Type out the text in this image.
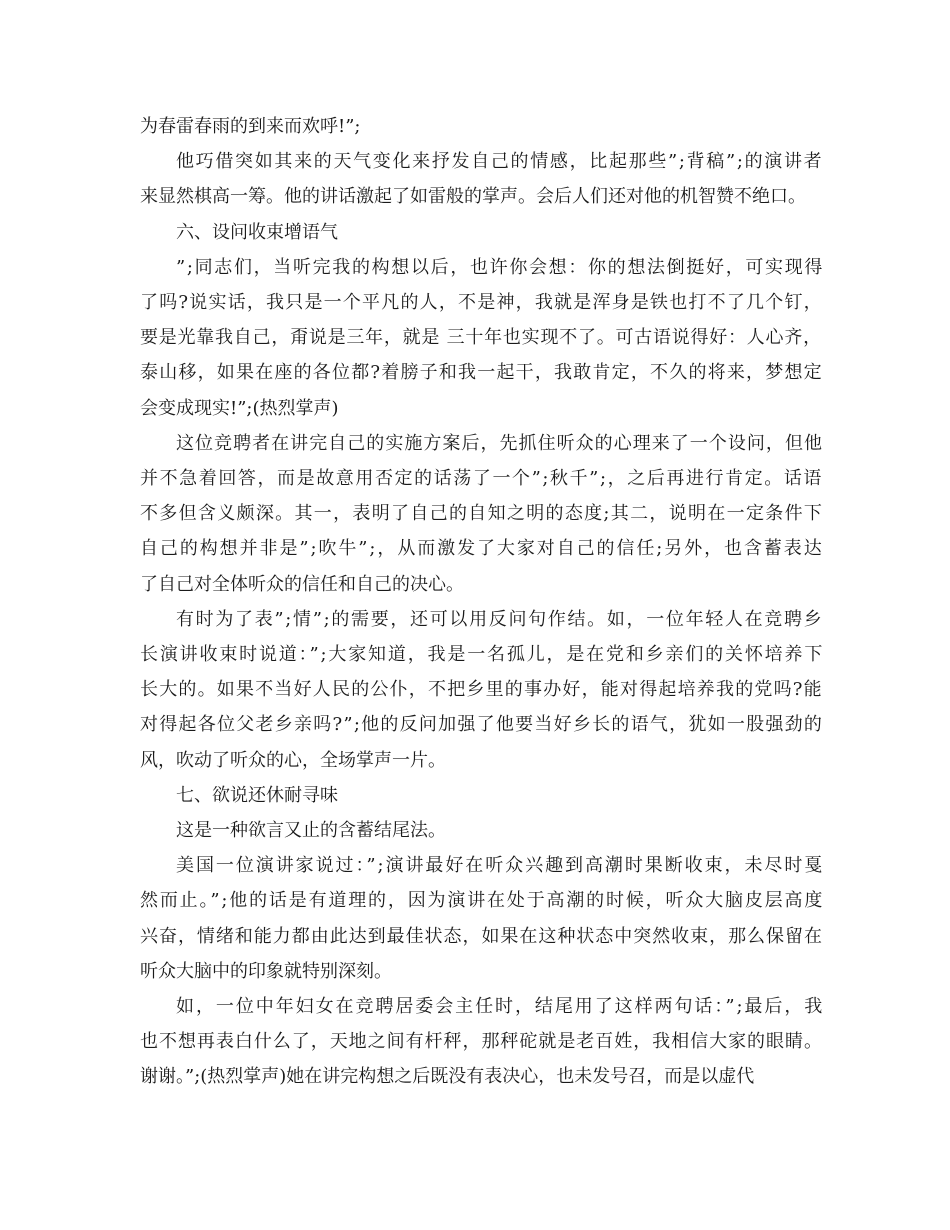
为春雷春雨的到来而欢呼!”;
他巧借突如其来的天气变化来抒发自己的情感，比起那些”;背稿”;的演讲者
来显然棋高一筹。他的讲话激起了如雷般的掌声。会后人们还对他的机智赞不绝口。
六、设问收束增语气
”;同志们，当听完我的构想以后，也许你会想：你的想法倒挺好，可实现得
了吗?说实话，我只是一个平凡的人，不是神，我就是浑身是铁也打不了几个钉，
要是光靠我自己，甭说是三年，就是 三十年也实现不了。可古语说得好：人心齐，
泰山移，如果在座的各位都?着膀子和我一起干，我敢肯定，不久的将来，梦想定
会变成现实!”;(热烈掌声)
这位竞聘者在讲完自己的实施方案后，先抓住听众的心理来了一个设问，但他
并不急着回答，而是故意用否定的话荡了一个”;秋千”;，之后再进行肯定。话语
不多但含义颇深。其一，表明了自己的自知之明的态度;其二，说明在一定条件下
自己的构想并非是”;吹牛”;，从而激发了大家对自己的信任;另外，也含蓄表达
了自己对全体听众的信任和自己的决心。
有时为了表”;情”;的需要，还可以用反问句作结。如，一位年轻人在竞聘乡
长演讲收束时说道：”;大家知道，我是一名孤儿，是在党和乡亲们的关怀培养下
长大的。如果不当好人民的公仆，不把乡里的事办好，能对得起培养我的党吗?能
对得起各位父老乡亲吗?”;他的反问加强了他要当好乡长的语气，犹如一股强劲的
风，吹动了听众的心，全场掌声一片。
七、欲说还休耐寻味
这是一种欲言又止的含蓄结尾法。
美国一位演讲家说过：”;演讲最好在听众兴趣到高潮时果断收束，未尽时戛
然而止。”;他的话是有道理的，因为演讲在处于高潮的时候，听众大脑皮层高度
兴奋，情绪和能力都由此达到最佳状态，如果在这种状态中突然收束，那么保留在
听众大脑中的印象就特别深刻。
如，一位中年妇女在竞聘居委会主任时，结尾用了这样两句话：”;最后，我
也不想再表白什么了，天地之间有杆秤，那秤砣就是老百姓，我相信大家的眼睛。
谢谢。”;(热烈掌声)她在讲完构想之后既没有表决心，也未发号召，而是以虚代
